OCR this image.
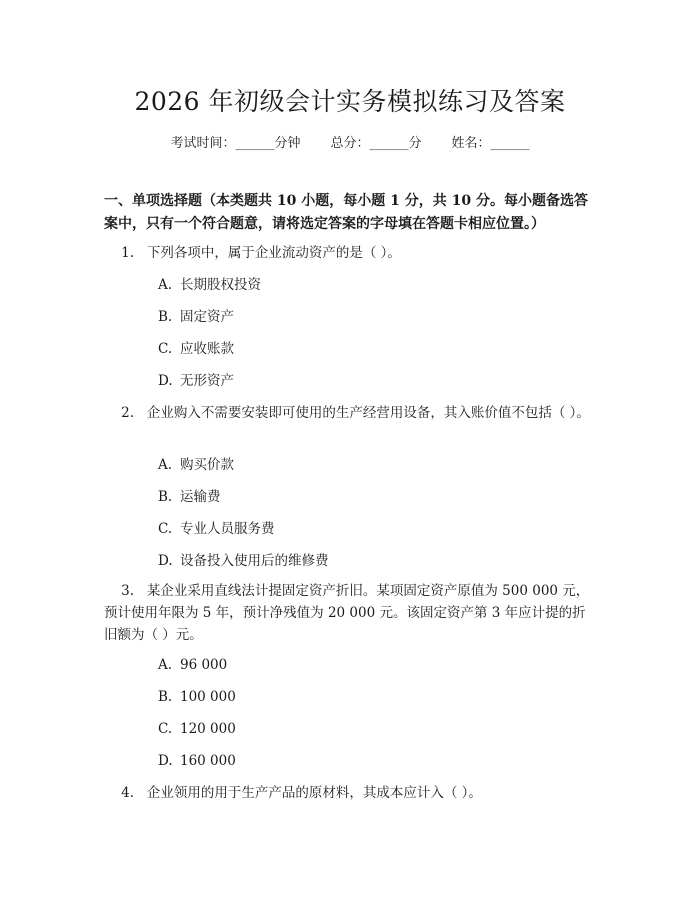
2026 年初级会计实务模拟练习及答案
考试时间：______分钟 总分：______分 姓名：______

一、单项选择题（本类题共 10 小题，每小题 1 分，共 10 分。每小题备选答案中，只有一个符合题意，请将选定答案的字母填在答题卡相应位置。）

1. 下列各项中，属于企业流动资产的是（ ）。

A. 长期股权投资

B. 固定资产

C. 应收账款

D. 无形资产

2. 企业购入不需要安装即可使用的生产经营用设备，其入账价值不包括（ ）。

A. 购买价款

B. 运输费

C. 专业人员服务费

D. 设备投入使用后的维修费

3. 某企业采用直线法计提固定资产折旧。某项固定资产原值为 500 000 元，预计使用年限为 5 年，预计净残值为 20 000 元。该固定资产第 3 年应计提的折旧额为（ ）元。

A. 96 000

B. 100 000

C. 120 000

D. 160 000

4. 企业领用的用于生产产品的原材料，其成本应计入（ ）。
